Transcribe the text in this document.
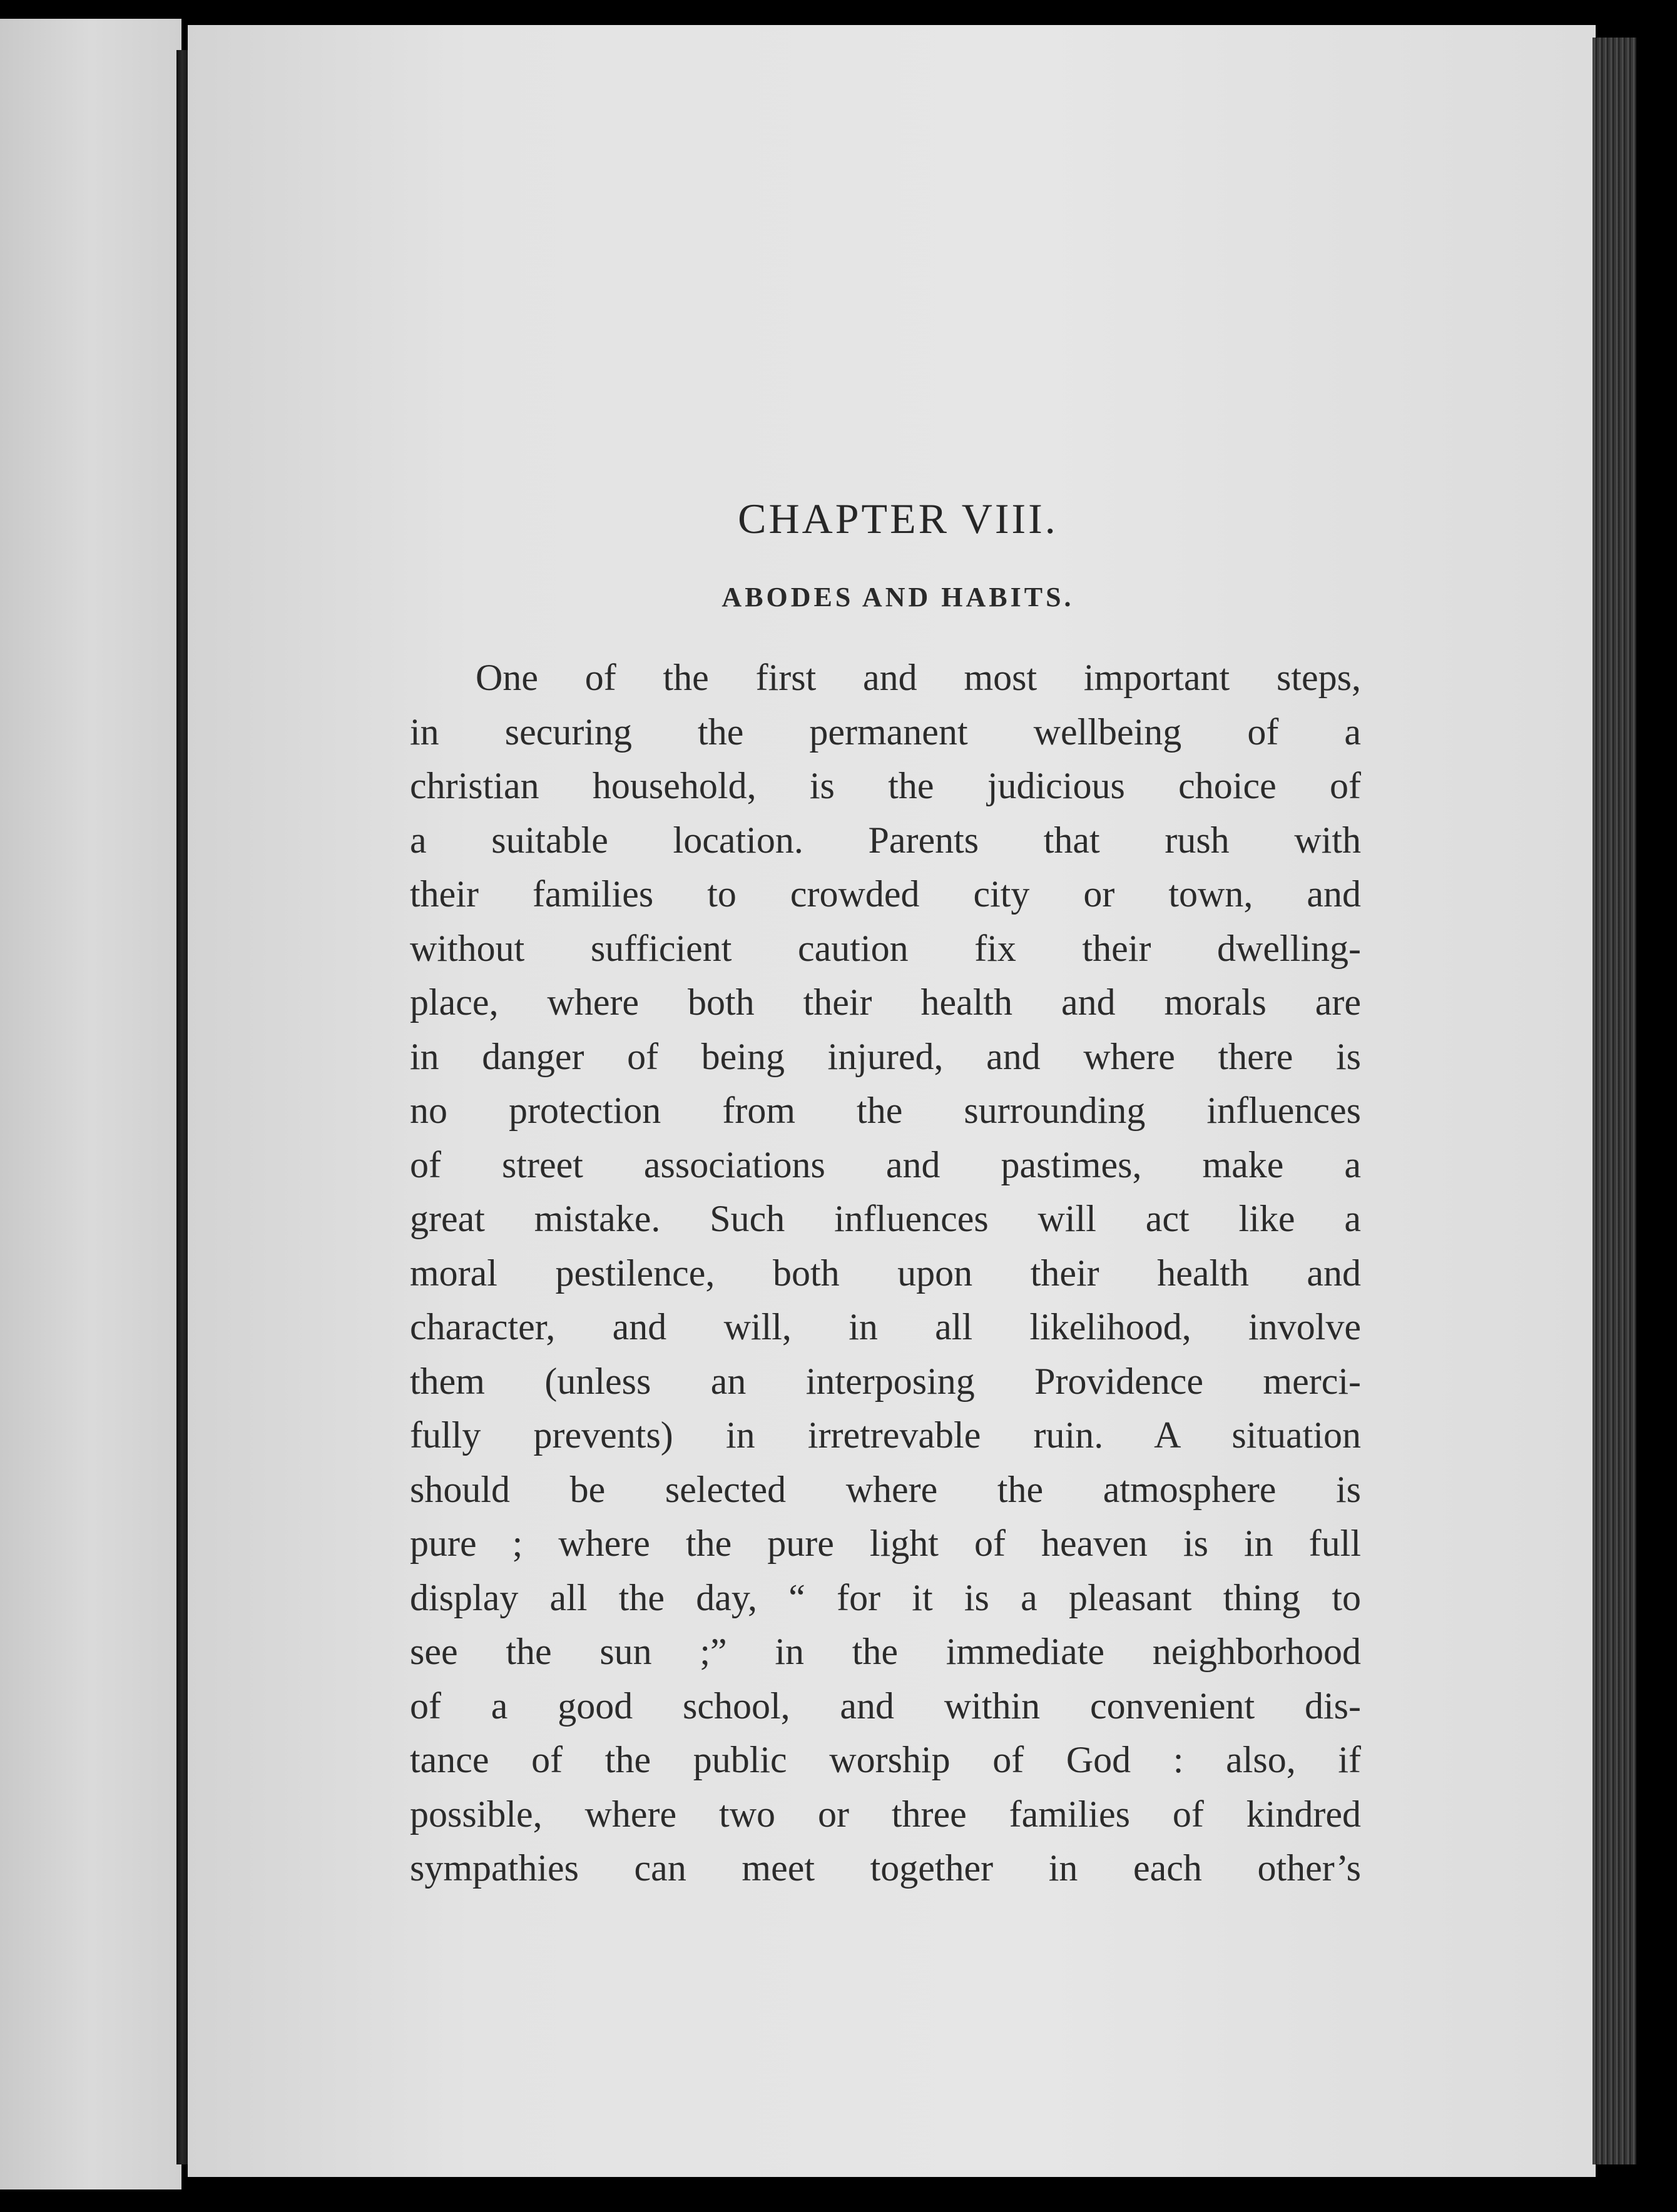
CHAPTER VIII.
ABODES AND HABITS.
One of the first and most important steps,
in securing the permanent wellbeing of a
christian household, is the judicious choice of
a suitable location. Parents that rush with
their families to crowded city or town, and
without sufficient caution fix their dwelling-
place, where both their health and morals are
in danger of being injured, and where there is
no protection from the surrounding influences
of street associations and pastimes, make a
great mistake. Such influences will act like a
moral pestilence, both upon their health and
character, and will, in all likelihood, involve
them (unless an interposing Providence merci-
fully prevents) in irretrevable ruin. A situation
should be selected where the atmosphere is
pure ; where the pure light of heaven is in full
display all the day, “ for it is a pleasant thing to
see the sun ;” in the immediate neighborhood
of a good school, and within convenient dis-
tance of the public worship of God : also, if
possible, where two or three families of kindred
sympathies can meet together in each other’s
